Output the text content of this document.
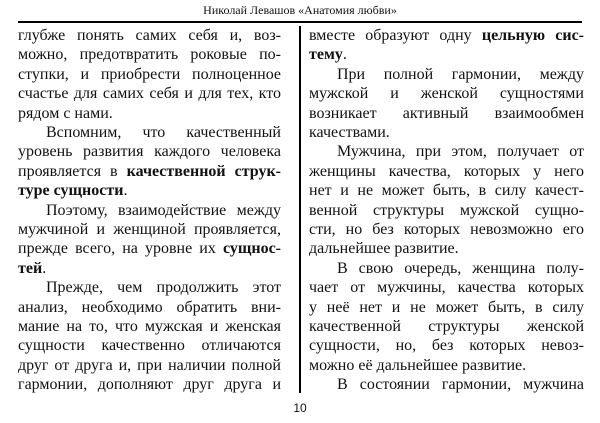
Николай Левашов «Анатомия любви»
глубже понять самих себя и, воз-
можно, предотвратить роковые по-
ступки, и приобрести полноценное
счастье для самих себя и для тех, кто
рядом с нами.
Вспомним, что качественный
уровень развития каждого человека
проявляется в качественной струк-
туре сущности.
Поэтому, взаимодействие между
мужчиной и женщиной проявляется,
прежде всего, на уровне их сущнос-
тей.
Прежде, чем продолжить этот
анализ, необходимо обратить вни-
мание на то, что мужская и женская
сущности качественно отличаются
друг от друга и, при наличии полной
гармонии, дополняют друг друга и
вместе образуют одну цельную сис-
тему.
При полной гармонии, между
мужской и женской сущностями
возникает активный взаимообмен
качествами.
Мужчина, при этом, получает от
женщины качества, которых у него
нет и не может быть, в силу качест-
венной структуры мужской сущно-
сти, но без которых невозможно его
дальнейшее развитие.
В свою очередь, женщина полу-
чает от мужчины, качества которых
у неё нет и не может быть, в силу
качественной структуры женской
сущности, но, без которых невоз-
можно её дальнейшее развитие.
В состоянии гармонии, мужчина
10
